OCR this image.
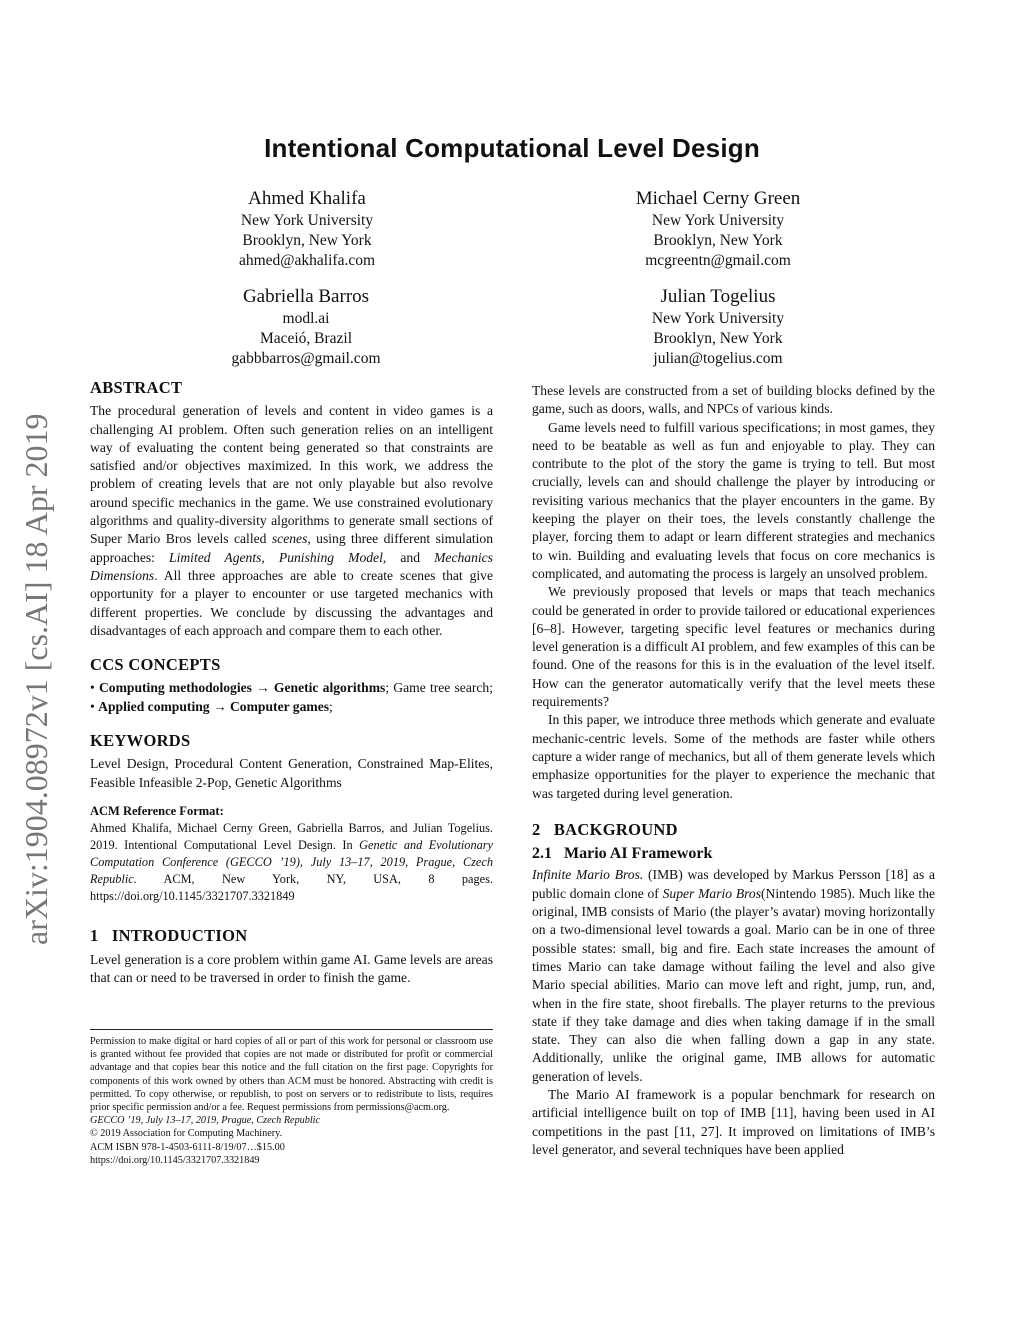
arXiv:1904.08972v1 [cs.AI] 18 Apr 2019
Intentional Computational Level Design
Ahmed Khalifa
New York University
Brooklyn, New York
ahmed@akhalifa.com
Michael Cerny Green
New York University
Brooklyn, New York
mcgreentn@gmail.com
Gabriella Barros
modl.ai
Maceió, Brazil
gabbbarros@gmail.com
Julian Togelius
New York University
Brooklyn, New York
julian@togelius.com
ABSTRACT

The procedural generation of levels and content in video games is a challenging AI problem. Often such generation relies on an intelligent way of evaluating the content being generated so that constraints are satisfied and/or objectives maximized. In this work, we address the problem of creating levels that are not only playable but also revolve around specific mechanics in the game. We use constrained evolutionary algorithms and quality-diversity algorithms to generate small sections of Super Mario Bros levels called scenes, using three different simulation approaches: Limited Agents, Punishing Model, and Mechanics Dimensions. All three approaches are able to create scenes that give opportunity for a player to encounter or use targeted mechanics with different properties. We conclude by discussing the advantages and disadvantages of each approach and compare them to each other.

CCS CONCEPTS

• Computing methodologies → Genetic algorithms; Game tree search; • Applied computing → Computer games;

KEYWORDS

Level Design, Procedural Content Generation, Constrained Map-Elites, Feasible Infeasible 2-Pop, Genetic Algorithms

ACM Reference Format:

Ahmed Khalifa, Michael Cerny Green, Gabriella Barros, and Julian Togelius. 2019. Intentional Computational Level Design. In Genetic and Evolutionary Computation Conference (GECCO ’19), July 13–17, 2019, Prague, Czech Republic. ACM, New York, NY, USA, 8 pages. https://doi.org/10.1145/3321707.3321849

1 INTRODUCTION

Level generation is a core problem within game AI. Game levels are areas that can or need to be traversed in order to finish the game.

Permission to make digital or hard copies of all or part of this work for personal or classroom use is granted without fee provided that copies are not made or distributed for profit or commercial advantage and that copies bear this notice and the full citation on the first page. Copyrights for components of this work owned by others than ACM must be honored. Abstracting with credit is permitted. To copy otherwise, or republish, to post on servers or to redistribute to lists, requires prior specific permission and/or a fee. Request permissions from permissions@acm.org.
GECCO ’19, July 13–17, 2019, Prague, Czech Republic
© 2019 Association for Computing Machinery.
ACM ISBN 978-1-4503-6111-8/19/07…$15.00
https://doi.org/10.1145/3321707.3321849

These levels are constructed from a set of building blocks defined by the game, such as doors, walls, and NPCs of various kinds.

Game levels need to fulfill various specifications; in most games, they need to be beatable as well as fun and enjoyable to play. They can contribute to the plot of the story the game is trying to tell. But most crucially, levels can and should challenge the player by introducing or revisiting various mechanics that the player encounters in the game. By keeping the player on their toes, the levels constantly challenge the player, forcing them to adapt or learn different strategies and mechanics to win. Building and evaluating levels that focus on core mechanics is complicated, and automating the process is largely an unsolved problem.

We previously proposed that levels or maps that teach mechanics could be generated in order to provide tailored or educational experiences [6–8]. However, targeting specific level features or mechanics during level generation is a difficult AI problem, and few examples of this can be found. One of the reasons for this is in the evaluation of the level itself. How can the generator automatically verify that the level meets these requirements?

In this paper, we introduce three methods which generate and evaluate mechanic-centric levels. Some of the methods are faster while others capture a wider range of mechanics, but all of them generate levels which emphasize opportunities for the player to experience the mechanic that was targeted during level generation.

2 BACKGROUND
2.1 Mario AI Framework

Infinite Mario Bros. (IMB) was developed by Markus Persson [18] as a public domain clone of Super Mario Bros(Nintendo 1985). Much like the original, IMB consists of Mario (the player’s avatar) moving horizontally on a two-dimensional level towards a goal. Mario can be in one of three possible states: small, big and fire. Each state increases the amount of times Mario can take damage without failing the level and also give Mario special abilities. Mario can move left and right, jump, run, and, when in the fire state, shoot fireballs. The player returns to the previous state if they take damage and dies when taking damage if in the small state. They can also die when falling down a gap in any state. Additionally, unlike the original game, IMB allows for automatic generation of levels.

The Mario AI framework is a popular benchmark for research on artificial intelligence built on top of IMB [11], having been used in AI competitions in the past [11, 27]. It improved on limitations of IMB’s level generator, and several techniques have been applied
